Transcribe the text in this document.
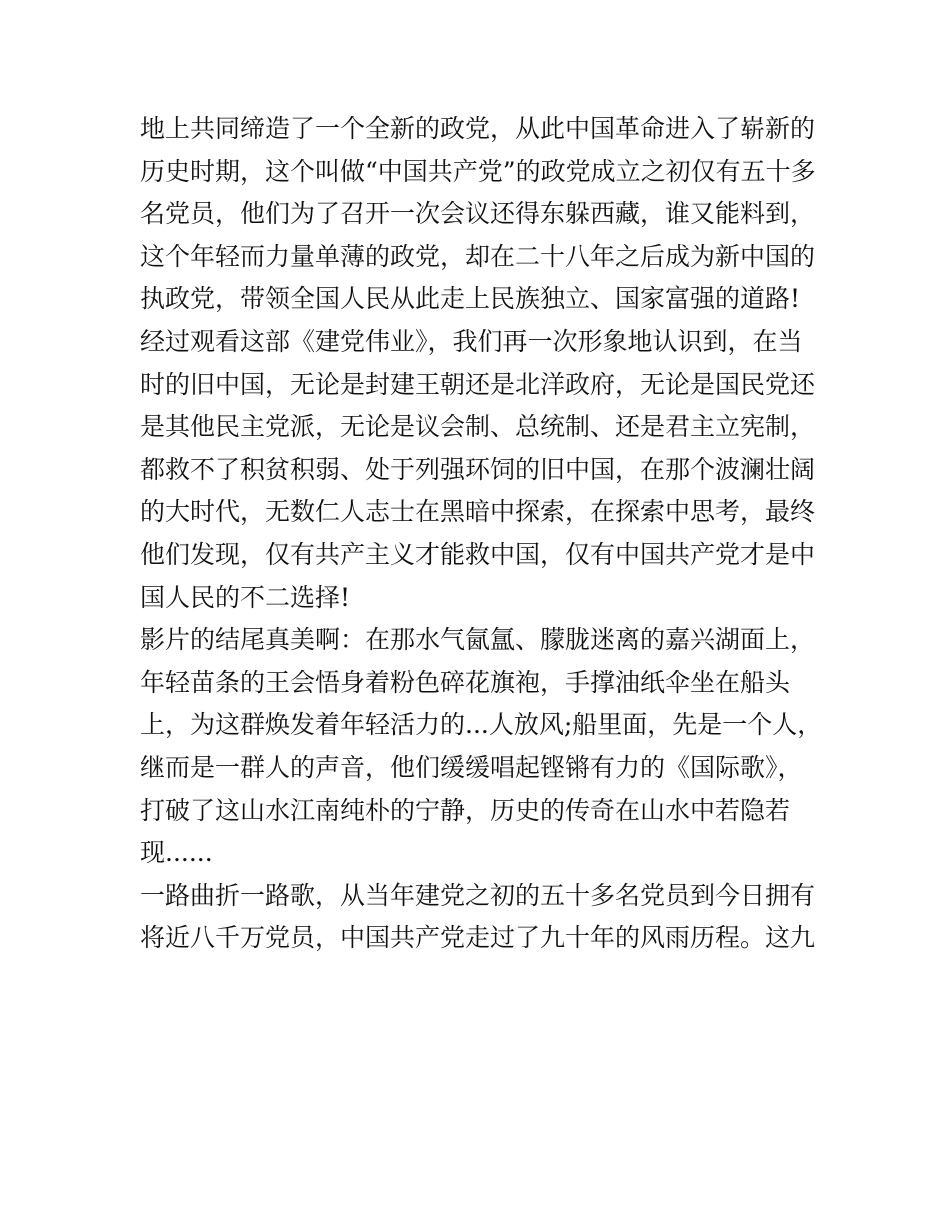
地上共同缔造了一个全新的政党，从此中国革命进入了崭新的
历史时期，这个叫做“中国共产党”的政党成立之初仅有五十多
名党员，他们为了召开一次会议还得东躲西藏，谁又能料到，
这个年轻而力量单薄的政党，却在二十八年之后成为新中国的
执政党，带领全国人民从此走上民族独立、国家富强的道路!
经过观看这部《建党伟业》，我们再一次形象地认识到，在当
时的旧中国，无论是封建王朝还是北洋政府，无论是国民党还
是其他民主党派，无论是议会制、总统制、还是君主立宪制，
都救不了积贫积弱、处于列强环饲的旧中国，在那个波澜壮阔
的大时代，无数仁人志士在黑暗中探索，在探索中思考，最终
他们发现，仅有共产主义才能救中国，仅有中国共产党才是中
国人民的不二选择!
影片的结尾真美啊：在那水气氤氲、朦胧迷离的嘉兴湖面上，
年轻苗条的王会悟身着粉色碎花旗袍，手撑油纸伞坐在船头
上，为这群焕发着年轻活力的...人放风;船里面，先是一个人，
继而是一群人的声音，他们缓缓唱起铿锵有力的《国际歌》，
打破了这山水江南纯朴的宁静，历史的传奇在山水中若隐若
现......
一路曲折一路歌，从当年建党之初的五十多名党员到今日拥有
将近八千万党员，中国共产党走过了九十年的风雨历程。这九
